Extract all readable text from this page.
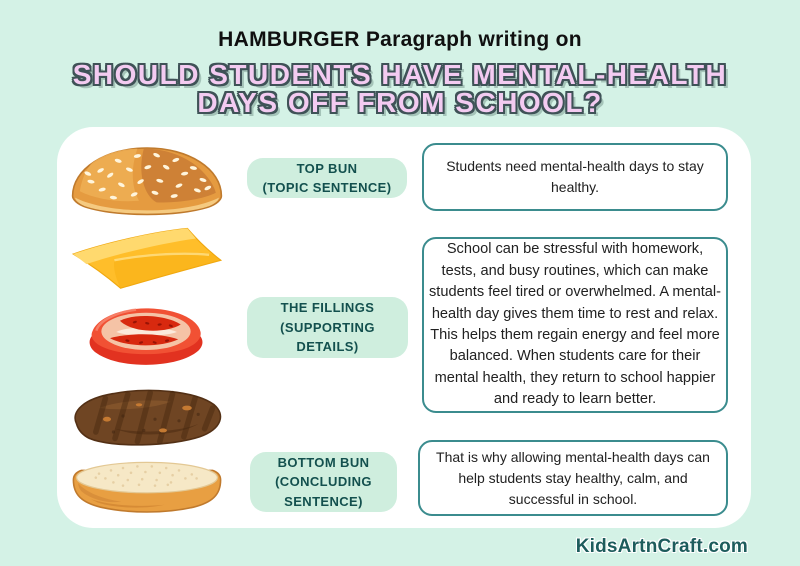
HAMBURGER Paragraph writing on
SHOULD STUDENTS HAVE MENTAL-HEALTH
DAYS OFF FROM SCHOOL?
TOP BUN
(TOPIC SENTENCE)
THE FILLINGS
(SUPPORTING
DETAILS)
BOTTOM BUN
(CONCLUDING
SENTENCE)

Students need mental-health days to stay healthy.

School can be stressful with homework, tests, and busy routines, which can make students feel tired or overwhelmed. A mental-health day gives them time to rest and relax. This helps them regain energy and feel more balanced. When students care for their mental health, they return to school happier and ready to learn better.

That is why allowing mental-health days can help students stay healthy, calm, and successful in school.

KidsArtnCraft.com
